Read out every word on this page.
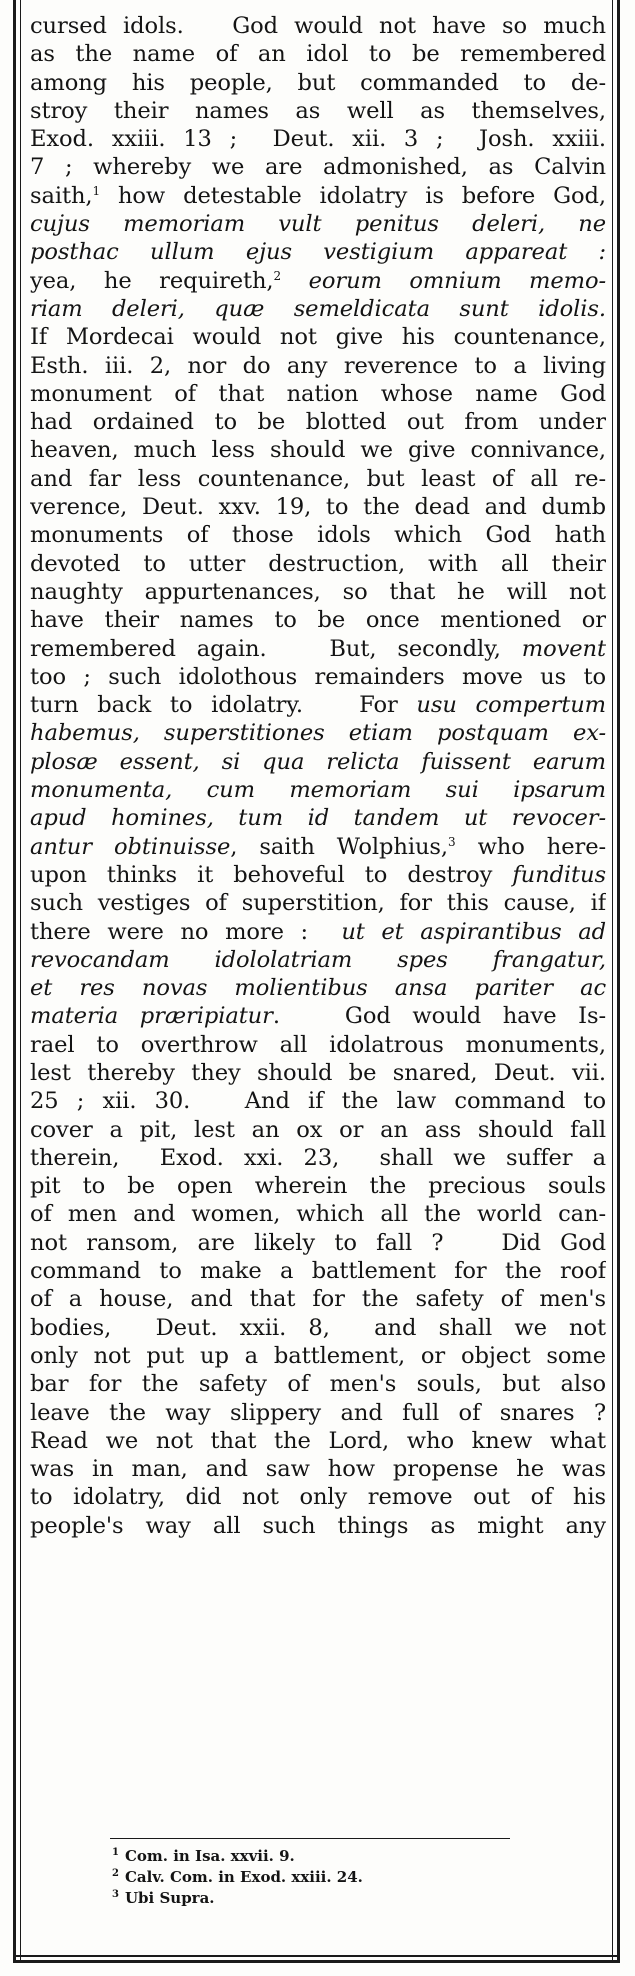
cursed idols.   God would not have so much
as the name of an idol to be remembered
among his people, but commanded to de-
stroy their names as well as themselves,
Exod. xxiii. 13 ;  Deut. xii. 3 ;  Josh. xxiii.
7 ; whereby we are admonished, as Calvin
saith,$^1$ how detestable idolatry is before God,
cujus memoriam vult penitus deleri, ne
posthac ullum ejus vestigium appareat :
yea, he requireth,$^2$ eorum omnium memo-
riam deleri, quæ semeldicata sunt idolis.
If Mordecai would not give his countenance,
Esth. iii. 2, nor do any reverence to a living
monument of that nation whose name God
had ordained to be blotted out from under
heaven, much less should we give connivance,
and far less countenance, but least of all re-
verence, Deut. xxv. 19, to the dead and dumb
monuments of those idols which God hath
devoted to utter destruction, with all their
naughty appurtenances, so that he will not
have their names to be once mentioned or
remembered again.   But, secondly, movent
too ; such idolothous remainders move us to
turn back to idolatry.   For usu compertum
habemus, superstitiones etiam postquam ex-
plosæ essent, si qua relicta fuissent earum
monumenta, cum memoriam sui ipsarum
apud homines, tum id tandem ut revocer-
antur obtinuisse, saith Wolphius,$^3$ who here-
upon thinks it behoveful to destroy funditus
such vestiges of superstition, for this cause, if
there were no more :  ut et aspirantibus ad
revocandam idololatriam spes frangatur,
et res novas molientibus ansa pariter ac
materia præripiatur.   God would have Is-
rael to overthrow all idolatrous monuments,
lest thereby they should be snared, Deut. vii.
25 ; xii. 30.   And if the law command to
cover a pit, lest an ox or an ass should fall
therein,  Exod. xxi. 23,  shall we suffer a
pit to be open wherein the precious souls
of men and women, which all the world can-
not ransom, are likely to fall ?   Did God
command to make a battlement for the roof
of a house, and that for the safety of men's
bodies,  Deut. xxii. 8,  and shall we not
only not put up a battlement, or object some
bar for the safety of men's souls, but also
leave the way slippery and full of snares ?
Read we not that the Lord, who knew what
was in man, and saw how propense he was
to idolatry, did not only remove out of his
people's way all such things as might any
$^1$ Com. in Isa. xxvii. 9.
$^2$ Calv. Com. in Exod. xxiii. 24.
$^3$ Ubi Supra.
